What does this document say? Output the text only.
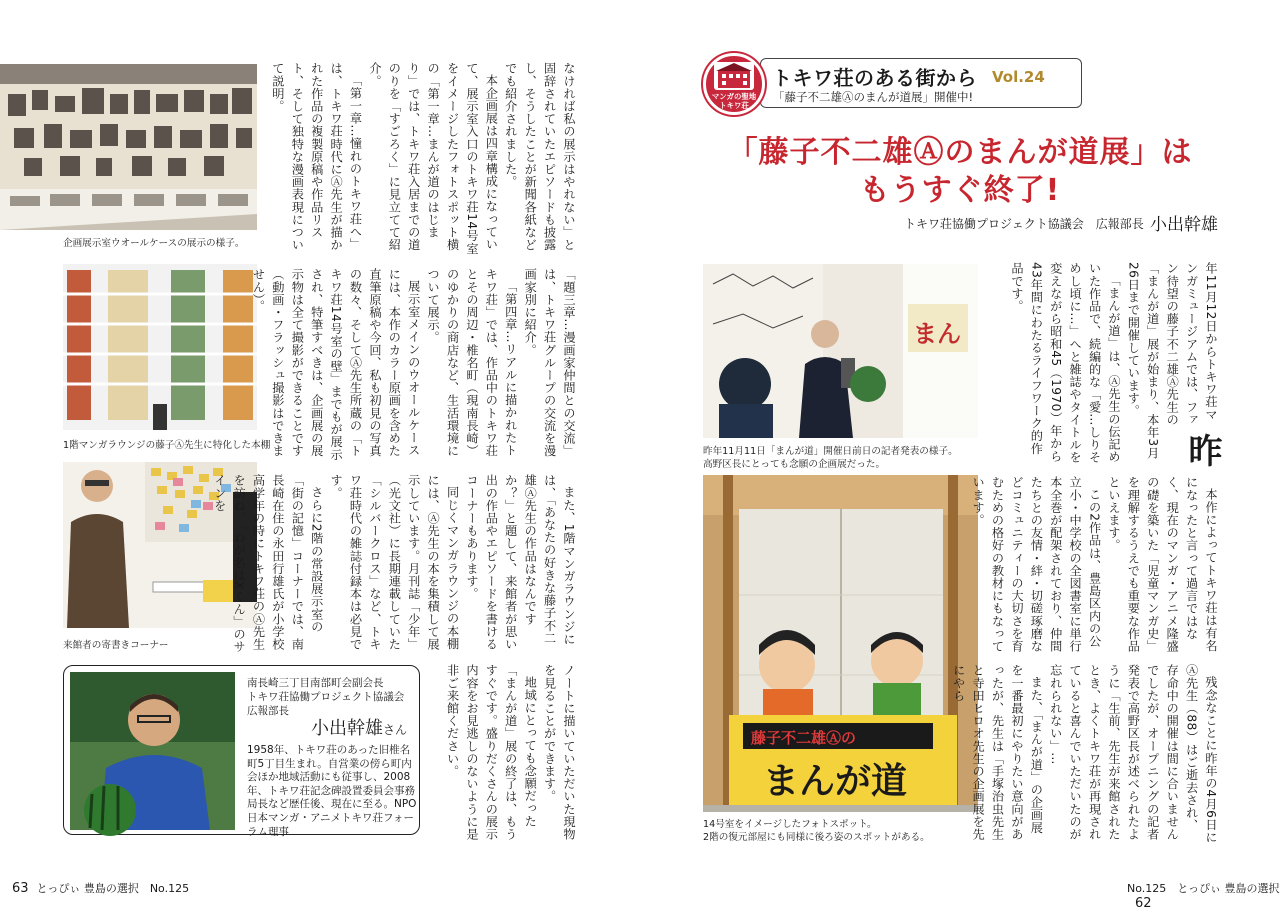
企画展示室ウオールケースの展示の様子。
1階マンガラウンジの藤子Ⓐ先生に特化した本棚
来館者の寄書きコーナー

なければ私の展示はやれない」と固辞されていたエピソードも披露し、そうしたことが新聞各紙などでも紹介されました。

本企画展は四章構成になっていて、展示室入口のトキワ荘14号室をイメージしたフォトスポット横の「第一章…まんが道のはじまり」では、トキワ荘入居までの道のりを「すごろく」に見立てて紹介。

「第一章…憧れのトキワ荘へ」は、トキワ荘時代にⒶ先生が描かれた作品の複製原稿や作品リスト、そして独特な漫画表現について説明。

「題三章…漫画家仲間との交流」は、トキワ荘グループの交流を漫画家別に紹介。

「第四章…リアルに描かれたトキワ荘」では、作品中のトキワ荘とその周辺・椎名町（現南長崎）のゆかりの商店など、生活環境について展示。

展示室メインのウオールケースには、本作のカラー原画を含めた直筆原稿や今回、私も初見の写真の数々、そしてⒶ先生所蔵の「トキワ荘14号室の壁」までもが展示され、特筆すべきは、企画展の展示物は全て撮影ができることです（動画・フラッシュ撮影はできません）。

また、1階マンガラウンジには、「あなたの好きな藤子不二雄Ⓐ先生の作品はなんですか？」と題して、来館者が思い出の作品やエピソードを書けるコーナーもあります。

同じくマンガラウンジの本棚には、Ⓐ先生の本を集積して展示しています。月刊誌「少年」（光文社）に長期連載していた「シルバークロス」など、トキワ荘時代の雑誌付録本は必見です。

さらに2階の常設展示室の「街の記憶」コーナーでは、南長崎在住の永田行雄氏が小学校高学年の時にトキワ荘のⒶ先生を訪ね、「わが名はXくん」のサインを

ノートに描いていただいた現物を見ることができます。

地域にとっても念願だった「まんが道」展の終了は、もうすぐです。盛りだくさんの展示内容をお見逃しのないように是非ご来館ください。

南長崎三丁目南部町会副会長
トキワ荘協働プロジェクト協議会
広報部長
小出幹雄さん
1958年、トキワ荘のあった旧椎名町5丁目生まれ。自営業の傍ら町内会ほか地域活動にも従事し、2008年、トキワ荘記念碑設置委員会事務局長など歴任後、現在に至る。NPO日本マンガ・アニメトキワ荘フォーラム理事
63 とっぴぃ 豊島の選択　No.125
マンガの聖地 トキワ荘
トキワ荘のある街から Vol.24
「藤子不二雄Ⓐのまんが道展」開催中!
「藤子不二雄Ⓐのまんが道展」は
もうすぐ終了!
トキワ荘協働プロジェクト協議会　広報部長 小出幹雄
まん
昨年11月11日「まんが道」開催日前日の記者発表の様子。
高野区長にとっても念願の企画展だった。
藤子不二雄Ⓐの
まんが道
14号室をイメージしたフォトスポット。
2階の復元部屋にも同様に後ろ姿のスポットがある。

昨
年11月12日からトキワ荘マンガミュージアムでは、ファン待望の藤子不二雄Ⓐ先生の「まんが道」展が始まり、本年3月26日まで開催しています。

「まんが道」は、Ⓐ先生の伝記めいた作品で、続編的な「愛…しりそめし頃に…」へと雑誌やタイトルを変えながら昭和45（1970）年から43年間にわたるライフワーク的作品です。

本作によってトキワ荘は有名になったと言って過言ではなく、現在のマンガ・アニメ隆盛の礎を築いた「児童マンガ史」を理解するうえでも重要な作品といえます。

この2作品は、豊島区内の公立小・中学校の全図書室に単行本全巻が配架されており、仲間たちとの友情・絆・切磋琢磨などコミュニティーの大切さを育むための格好の教材にもなっています。

残念なことに昨年の4月6日にⒶ先生（88）はご逝去され、存命中の開催は間に合いませんでしたが、オープニングの記者発表で高野区長が述べられたように「生前、先生が来館されたとき、よくトキワ荘が再現されていると喜んでいただいたのが忘れられない」…

また、「まんが道」の企画展を一番最初にやりたい意向があったが、先生は「手塚治虫先生と寺田ヒロオ先生の企画展を先にやら

No.125　とっぴぃ 豊島の選択62
